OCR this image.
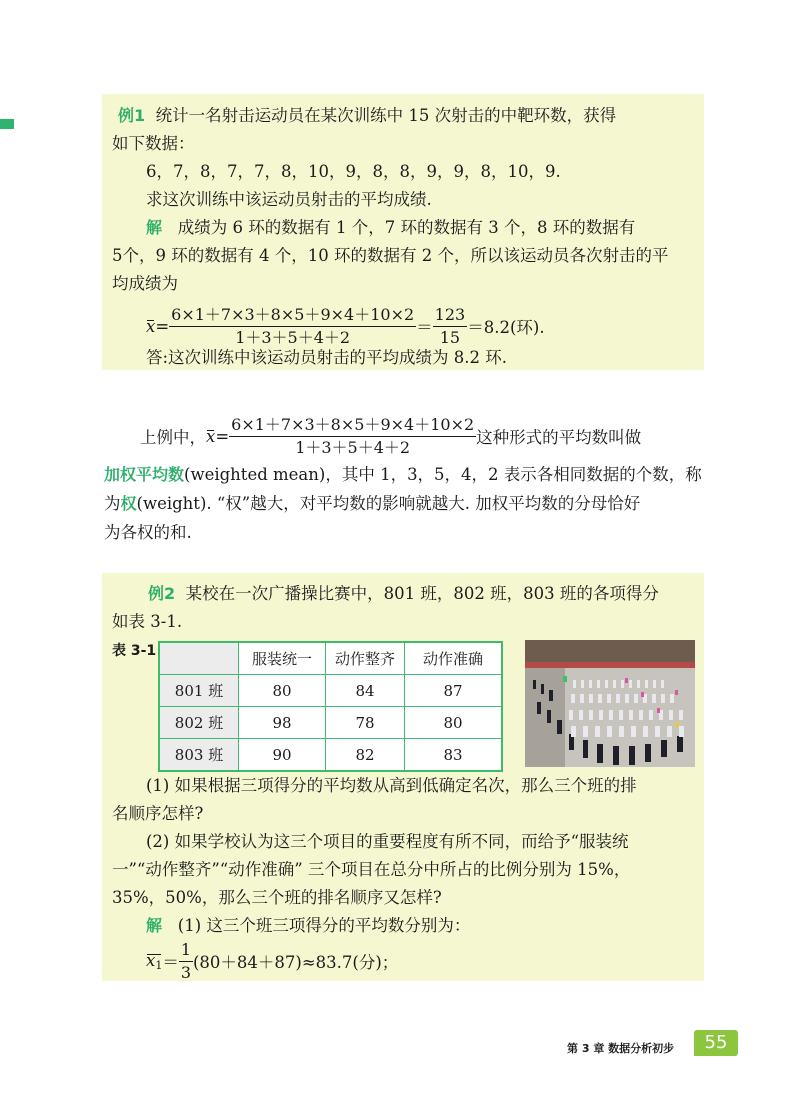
例1 统计一名射击运动员在某次训练中 15 次射击的中靶环数，获得
如下数据：
6，7，8，7，7，8，10，9，8，8，9，9，8，10，9.
求这次训练中该运动员射击的平均成绩.
解 成绩为 6 环的数据有 1 个，7 环的数据有 3 个，8 环的数据有
5个，9 环的数据有 4 个，10 环的数据有 2 个，所以该运动员各次射击的平
均成绩为
$x = \frac{6\times 1+7\times 3+8\times 5+9\times 4+10\times 2}{1+3+5+4+2} = \frac{123}{15} =8.2$(环).
答:这次训练中该运动员射击的平均成绩为 8.2 环.
上例中， $x = \frac{6\times 1+7\times 3+8\times 5+9\times 4+10\times 2}{1+3+5+4+2}$ 这种形式的平均数叫做
加权平均数(weighted mean)，其中 1，3，5，4，2 表示各相同数据的个数，称
为权(weight). “权”越大，对平均数的影响就越大. 加权平均数的分母恰好
为各权的和.
例2 某校在一次广播操比赛中，801 班，802 班，803 班的各项得分
如表 3-1.
表 3-1
		服装统一	动作整齐	动作准确
801 班	80	84	87
802 班	98	78	80
803 班	90	82	83
(1) 如果根据三项得分的平均数从高到低确定名次，那么三个班的排
名顺序怎样?
(2) 如果学校认为这三个项目的重要程度有所不同，而给予“服装统
一”“动作整齐”“动作准确” 三个项目在总分中所占的比例分别为 15%，
35%，50%，那么三个班的排名顺序又怎样?
解 (1) 这三个班三项得分的平均数分别为：
$x_1 = \frac{1}{3} (80+84+87)\approx 83.7$(分)；
第 3 章 数据分析初步	55
